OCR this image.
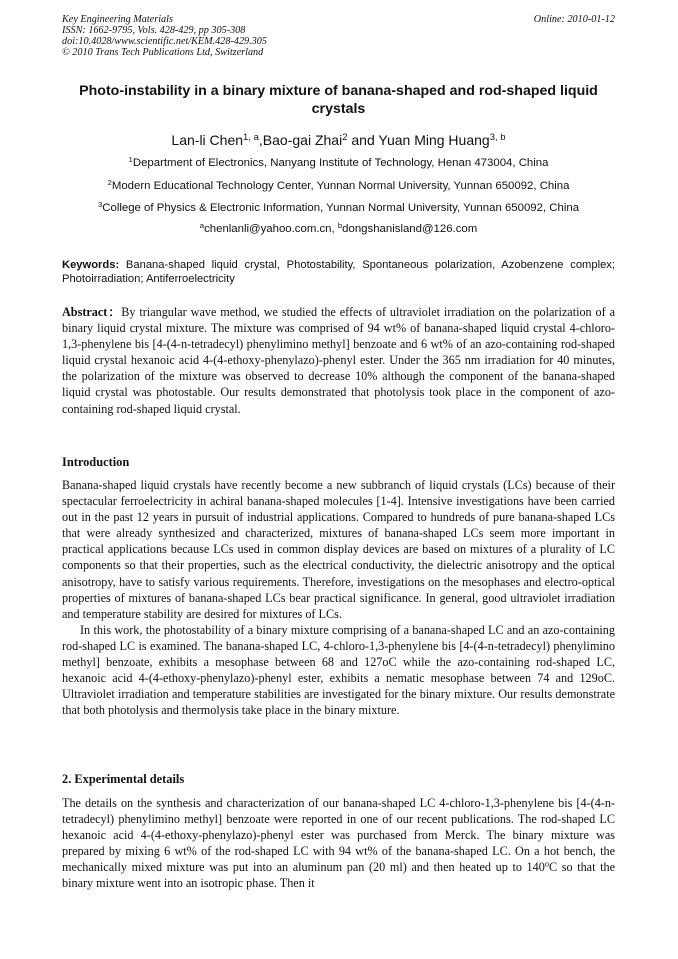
Key Engineering Materials
ISSN: 1662-9795, Vols. 428-429, pp 305-308
doi:10.4028/www.scientific.net/KEM.428-429.305
© 2010 Trans Tech Publications Ltd, Switzerland
Online: 2010-01-12
Photo-instability in a binary mixture of banana-shaped and rod-shaped liquid crystals
Lan-li Chen$^{1, a}$,Bao-gai Zhai$^2$ and Yuan Ming Huang$^{3, b}$
$^1$Department of Electronics, Nanyang Institute of Technology, Henan 473004, China
$^2$Modern Educational Technology Center, Yunnan Normal University, Yunnan 650092, China
$^3$College of Physics & Electronic Information, Yunnan Normal University, Yunnan 650092, China
$^a$chenlanli@yahoo.com.cn, $^b$dongshanisland@126.com
Keywords: Banana-shaped liquid crystal, Photostability, Spontaneous polarization, Azobenzene complex; Photoirradiation; Antiferroelectricity

Abstract：By triangular wave method, we studied the effects of ultraviolet irradiation on the polarization of a binary liquid crystal mixture. The mixture was comprised of 94 wt% of banana-shaped liquid crystal 4-chloro-1,3-phenylene bis [4-(4-n-tetradecyl) phenylimino methyl] benzoate and 6 wt% of an azo-containing rod-shaped liquid crystal hexanoic acid 4-(4-ethoxy-phenylazo)-phenyl ester. Under the 365 nm irradiation for 40 minutes, the polarization of the mixture was observed to decrease 10% although the component of the banana-shaped liquid crystal was photostable. Our results demonstrated that photolysis took place in the component of azo-containing rod-shaped liquid crystal.

Introduction

Banana-shaped liquid crystals have recently become a new subbranch of liquid crystals (LCs) because of their spectacular ferroelectricity in achiral banana-shaped molecules [1-4]. Intensive investigations have been carried out in the past 12 years in pursuit of industrial applications. Compared to hundreds of pure banana-shaped LCs that were already synthesized and characterized, mixtures of banana-shaped LCs seem more important in practical applications because LCs used in common display devices are based on mixtures of a plurality of LC components so that their properties, such as the electrical conductivity, the dielectric anisotropy and the optical anisotropy, have to satisfy various requirements. Therefore, investigations on the mesophases and electro-optical properties of mixtures of banana-shaped LCs bear practical significance. In general, good ultraviolet irradiation and temperature stability are desired for mixtures of LCs.

In this work, the photostability of a binary mixture comprising of a banana-shaped LC and an azo-containing rod-shaped LC is examined. The banana-shaped LC, 4-chloro-1,3-phenylene bis [4-(4-n-tetradecyl) phenylimino methyl] benzoate, exhibits a mesophase between 68 and 127oC while the azo-containing rod-shaped LC, hexanoic acid 4-(4-ethoxy-phenylazo)-phenyl ester, exhibits a nematic mesophase between 74 and 129oC. Ultraviolet irradiation and temperature stabilities are investigated for the binary mixture. Our results demonstrate that both photolysis and thermolysis take place in the binary mixture.

2. Experimental details

The details on the synthesis and characterization of our banana-shaped LC 4-chloro-1,3-phenylene bis [4-(4-n-tetradecyl) phenylimino methyl] benzoate were reported in one of our recent publications. The rod-shaped LC hexanoic acid 4-(4-ethoxy-phenylazo)-phenyl ester was purchased from Merck. The binary mixture was prepared by mixing 6 wt% of the rod-shaped LC with 94 wt% of the banana-shaped LC. On a hot bench, the mechanically mixed mixture was put into an aluminum pan (20 ml) and then heated up to 140$^o$C so that the binary mixture went into an isotropic phase. Then it
